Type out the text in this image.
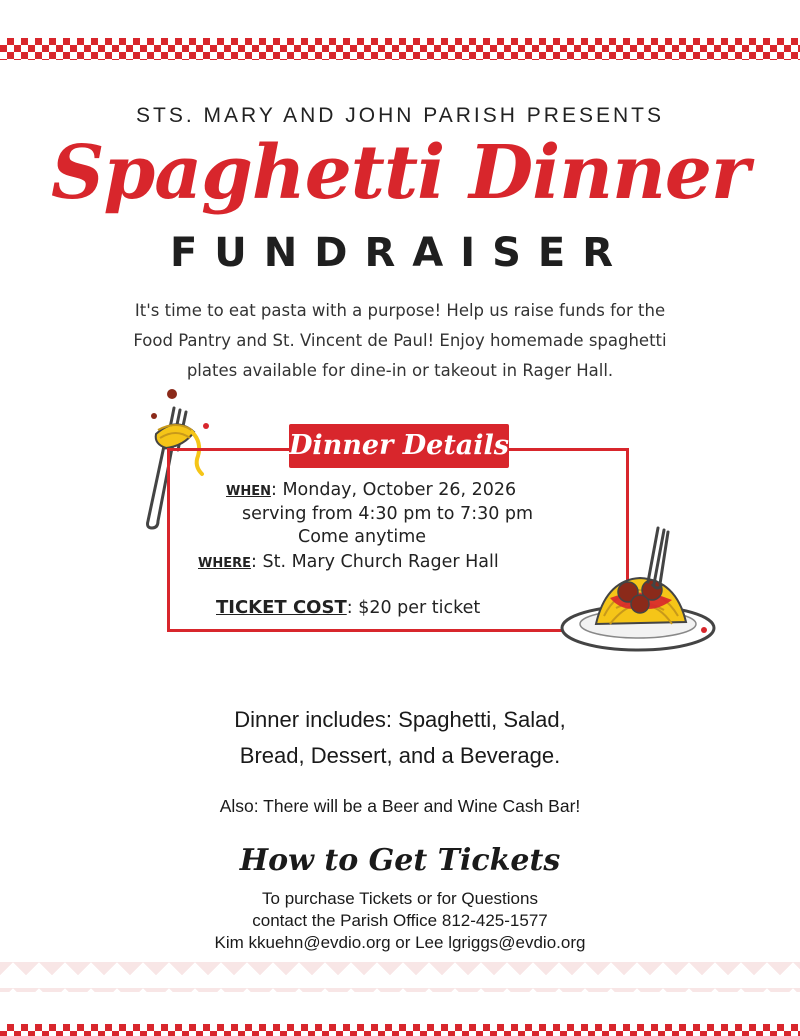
STS. MARY AND JOHN PARISH PRESENTS
Spaghetti Dinner
FUNDRAISER
It's time to eat pasta with a purpose! Help us raise funds for the
Food Pantry and St. Vincent de Paul! Enjoy homemade spaghetti
plates available for dine-in or takeout in Rager Hall.
Dinner Details
WHEN: Monday, October 26, 2026
serving from 4:30 pm to 7:30 pm
Come anytime
WHERE: St. Mary Church Rager Hall
TICKET COST: $20 per ticket
Dinner includes: Spaghetti, Salad,
Bread, Dessert, and a Beverage.
Also: There will be a Beer and Wine Cash Bar!
How to Get Tickets
To purchase Tickets or for Questions
contact the Parish Office 812-425-1577
Kim kkuehn@evdio.org or Lee lgriggs@evdio.org
